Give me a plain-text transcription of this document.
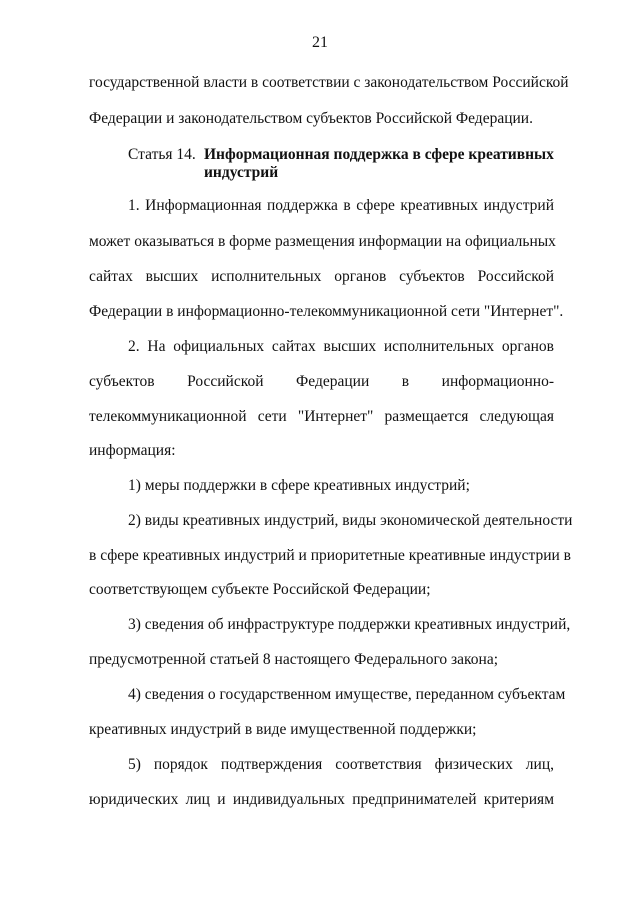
21
государственной власти в соответствии с законодательством Российской
Федерации и законодательством субъектов Российской Федерации.
Статья 14. Информационная поддержка в сфере креативных
индустрий
1. Информационная поддержка в сфере креативных индустрий
может оказываться в форме размещения информации на официальных
сайтах высших исполнительных органов субъектов Российской
Федерации в информационно-телекоммуникационной сети "Интернет".
2. На официальных сайтах высших исполнительных органов
субъектов Российской Федерации в информационно-
телекоммуникационной сети "Интернет" размещается следующая
информация:
1) меры поддержки в сфере креативных индустрий;
2) виды креативных индустрий, виды экономической деятельности
в сфере креативных индустрий и приоритетные креативные индустрии в
соответствующем субъекте Российской Федерации;
3) сведения об инфраструктуре поддержки креативных индустрий,
предусмотренной статьей 8 настоящего Федерального закона;
4) сведения о государственном имуществе, переданном субъектам
креативных индустрий в виде имущественной поддержки;
5) порядок подтверждения соответствия физических лиц,
юридических лиц и индивидуальных предпринимателей критериям
